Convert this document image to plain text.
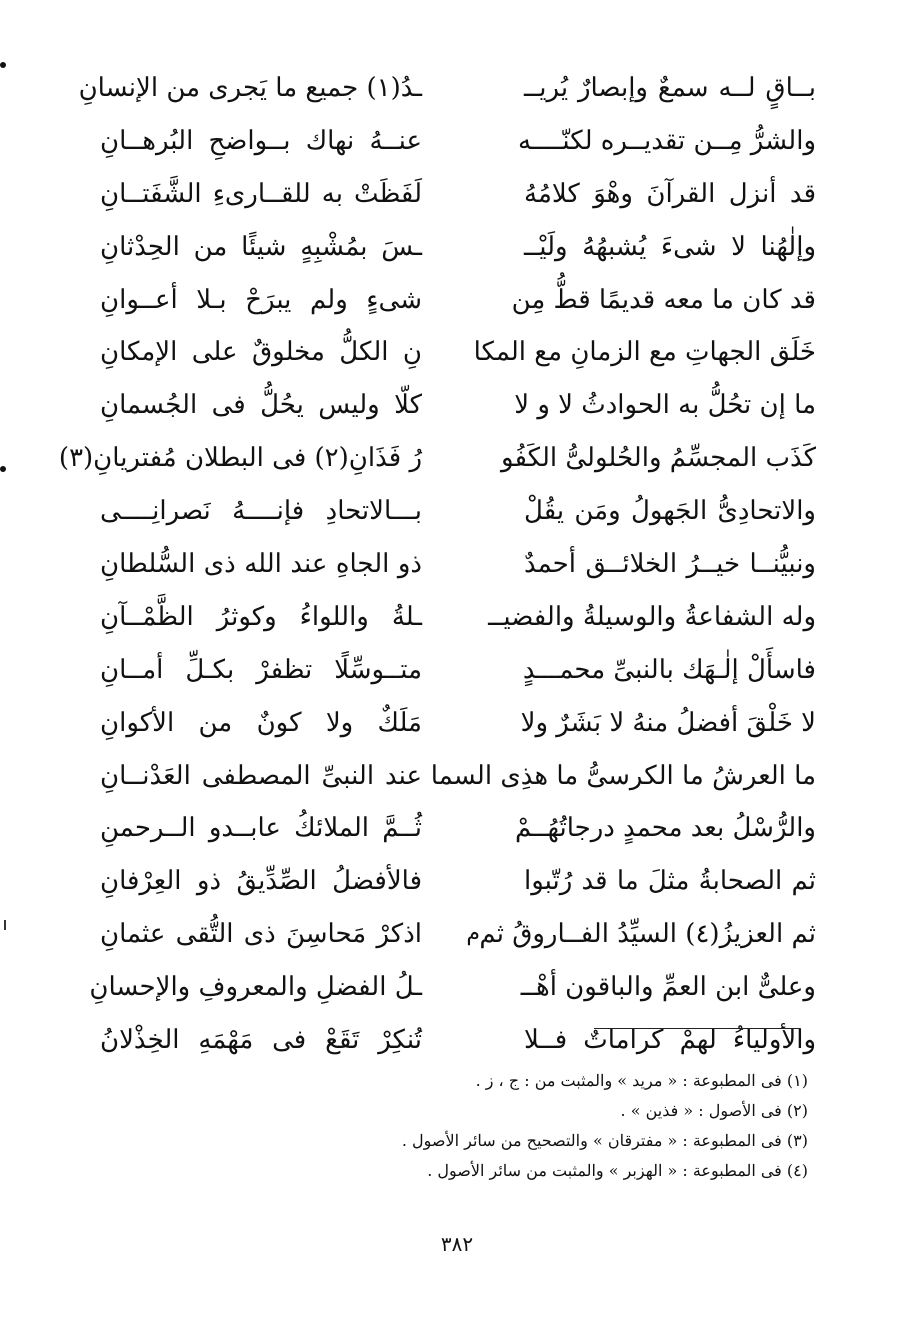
بــاقٍ لــه سمعٌ وإبصارٌ يُريــ
ـدُ(١) جميع ما يَجرى من الإنسانِ
والشرُّ مِــن تقديــره لكنّــــه
عنــهُ نهاك بــواضحِ البُرهــانِ
قد أنزل القرآنَ وهْوَ كلامُهُ
لَفَظَتْ به للقــارىءِ الشَّفَتــانِ
وإلٰهُنا لا شىءَ يُشبهُهُ ولَيْــ
ـسَ بمُشْبِهٍ شيئًا من الحِدْثانِ
قد كان ما معه قديمًا قطُّ مِن
شىءٍ ولم يبرَحْ بـلا أعــوانِ
خَلَق الجهاتِ مع الزمانِ مع المكا
نِ الكلُّ مخلوقٌ على الإمكانِ
ما إن تحُلُّ به الحوادثُ لا و لا
كلّا وليس يحُلُّ فى الجُسمانِ
كَذَب المجسِّمُ والحُلولىُّ الكَفُو
رُ فَذَانِ(٢) فى البطلان مُفتريانِ(٣)
والاتحادِىُّ الجَهولُ ومَن يقُلْ
بـــالاتحادِ فإنــــهُ نَصرانِــــى
ونبيُّنــا خيــرُ الخلائــق أحمدٌ
ذو الجاهِ عند الله ذى السُّلطانِ
وله الشفاعةُ والوسيلةُ والفضيــ
ـلةُ واللواءُ وكوثرُ الظَّمْــآنِ
فاسأَلْ إلٰـهَك بالنبىِّ محمـــدٍ
متــوسِّلًا تظفرْ بكـلِّ أمــانِ
لا خَلْقَ أفضلُ منهُ لا بَشَرٌ ولا
مَلَكٌ ولا كونٌ من الأكوانِ
ما العرشُ ما الكرسىُّ ما هذِى السما
عند النبىِّ المصطفى العَدْنــانِ
والرُّسْلُ بعد محمدٍ درجاتُهُــمْ
ثُــمَّ الملائكُ عابــدو الــرحمنِ
ثم الصحابةُ مثلَ ما قد رُتّبوا
فالأفضلُ الصِّدِّيقُ ذو العِرْفانِ
ثم العزيزُ(٤) السيِّدُ الفــاروقُ ثم
م
اذكرْ مَحاسِنَ ذى التُّقى عثمانِ
وعلىٌّ ابن العمِّ والباقون أهْــ
ـلُ الفضلِ والمعروفِ والإحسانِ
والأولياءُ لهمْ كراماتٌ فــلا
تُنكِرْ تَقَعْ فى مَهْمَهِ الخِذْلانُ
(١) فى المطبوعة : « مريد » والمثبت من : ج ، ز .
(٢) فى الأصول : « فذين » .
(٣) فى المطبوعة : « مفترقان » والتصحيح من سائر الأصول .
(٤) فى المطبوعة : « الهزبر » والمثبت من سائر الأصول .
٣٨٢
